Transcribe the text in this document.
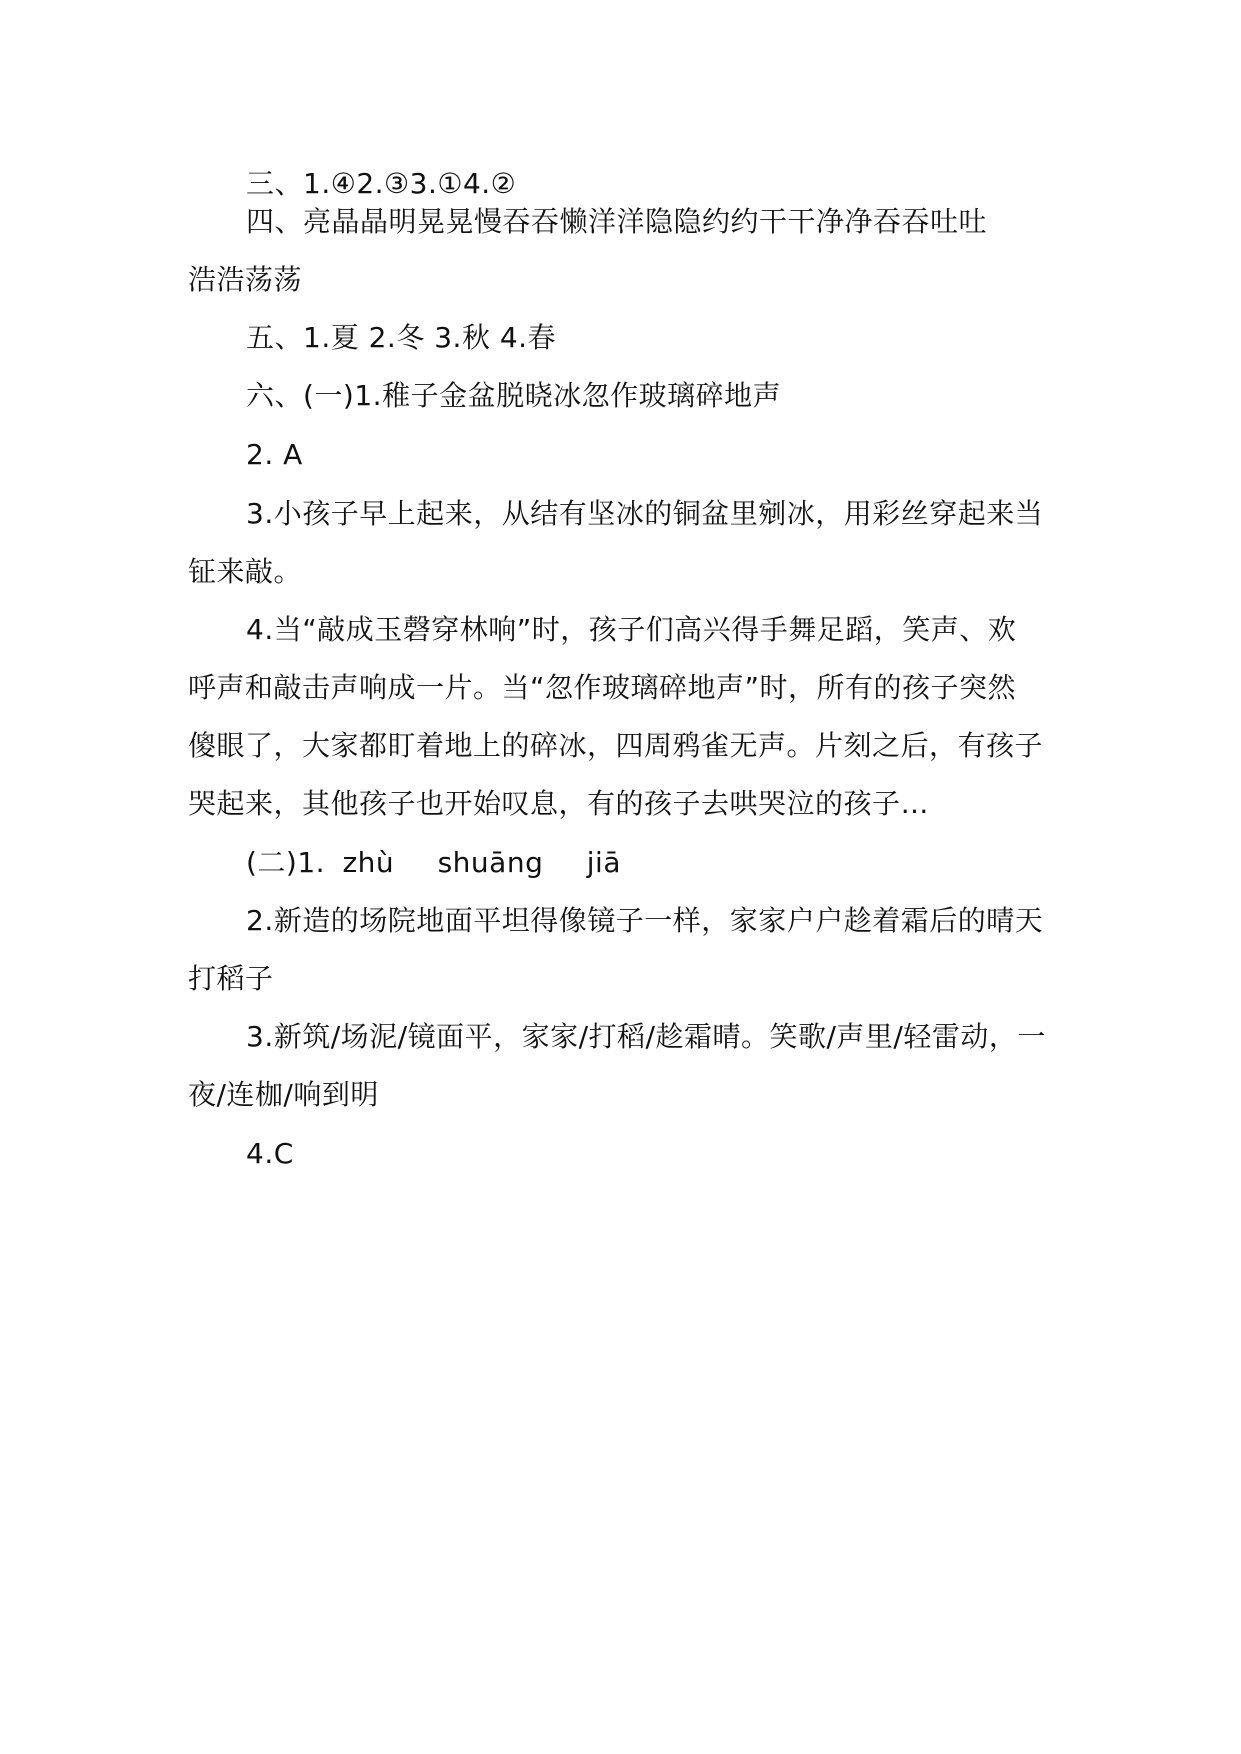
三、1.④2.③3.①4.②
四、亮晶晶明晃晃慢吞吞懒洋洋隐隐约约干干净净吞吞吐吐
浩浩荡荡
五、1.夏 2.冬 3.秋 4.春
六、(一)1.稚子金盆脱晓冰忽作玻璃碎地声
2. A
3.小孩子早上起来，从结有坚冰的铜盆里剜冰，用彩丝穿起来当
钲来敲。
4.当“敲成玉磬穿林响”时，孩子们高兴得手舞足蹈，笑声、欢
呼声和敲击声响成一片。当“忽作玻璃碎地声”时，所有的孩子突然
傻眼了，大家都盯着地上的碎冰，四周鸦雀无声。片刻之后，有孩子
哭起来，其他孩子也开始叹息，有的孩子去哄哭泣的孩子…
(二)1. zhù shuāng jiā
2.新造的场院地面平坦得像镜子一样，家家户户趁着霜后的晴天
打稻子
3.新筑/场泥/镜面平，家家/打稻/趁霜晴。笑歌/声里/轻雷动，一
夜/连枷/响到明
4.C
